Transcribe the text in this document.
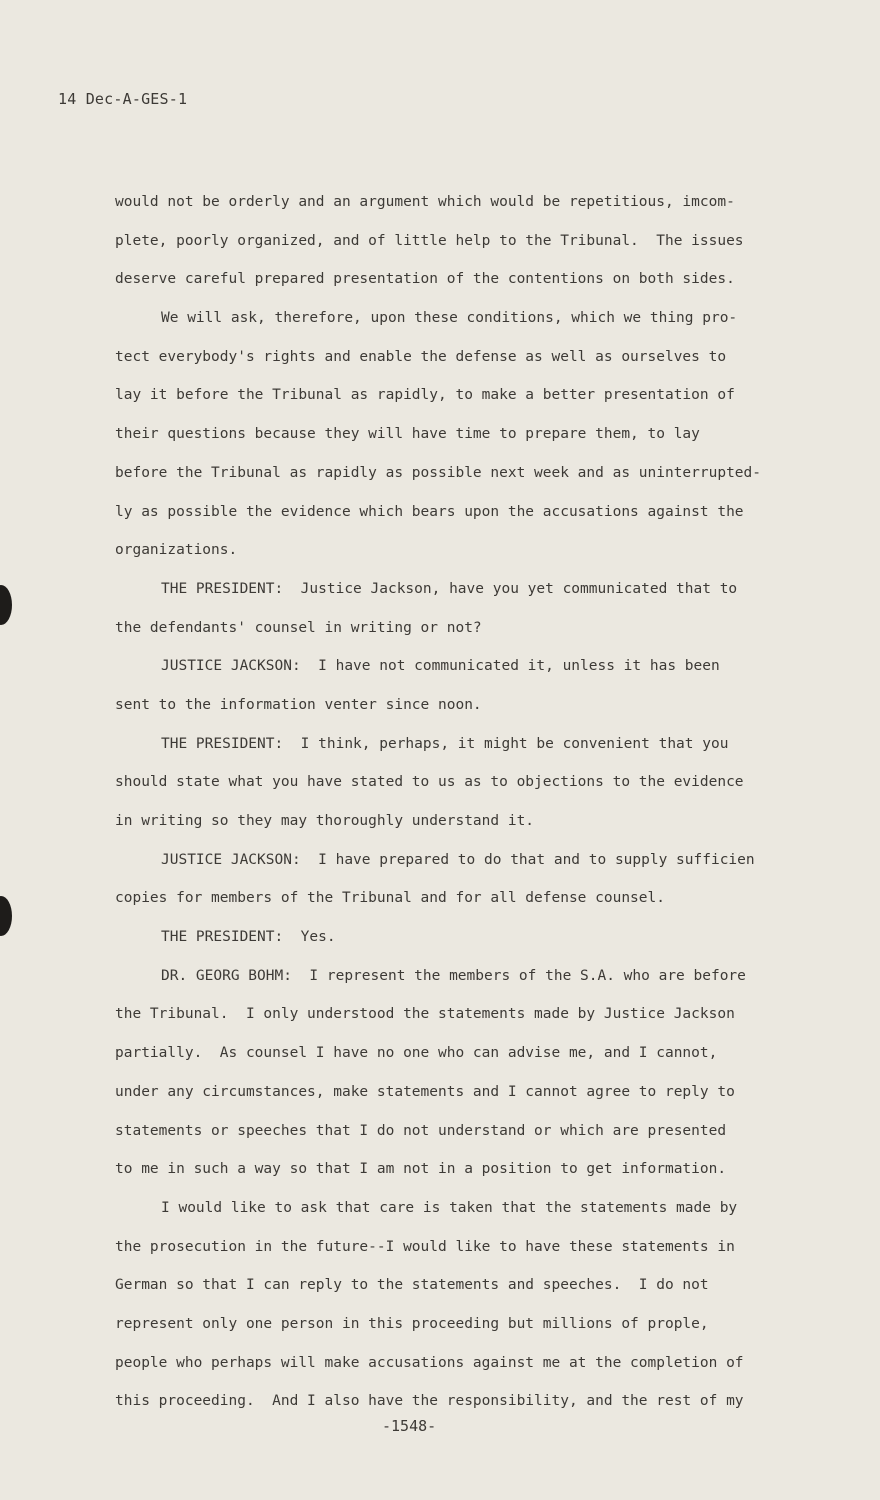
14 Dec-A-GES-1
would not be orderly and an argument which would be repetitious, imcom-
plete, poorly organized, and of little help to the Tribunal.  The issues
deserve careful prepared presentation of the contentions on both sides.
We will ask, therefore, upon these conditions, which we thing pro-
tect everybody's rights and enable the defense as well as ourselves to
lay it before the Tribunal as rapidly, to make a better presentation of
their questions because they will have time to prepare them, to lay
before the Tribunal as rapidly as possible next week and as uninterrupted-
ly as possible the evidence which bears upon the accusations against the
organizations.
THE PRESIDENT:  Justice Jackson, have you yet communicated that to
the defendants' counsel in writing or not?
JUSTICE JACKSON:  I have not communicated it, unless it has been
sent to the information venter since noon.
THE PRESIDENT:  I think, perhaps, it might be convenient that you
should state what you have stated to us as to objections to the evidence
in writing so they may thoroughly understand it.
JUSTICE JACKSON:  I have prepared to do that and to supply sufficien
copies for members of the Tribunal and for all defense counsel.
THE PRESIDENT:  Yes.
DR. GEORG BOHM:  I represent the members of the S.A. who are before
the Tribunal.  I only understood the statements made by Justice Jackson
partially.  As counsel I have no one who can advise me, and I cannot,
under any circumstances, make statements and I cannot agree to reply to
statements or speeches that I do not understand or which are presented
to me in such a way so that I am not in a position to get information.
I would like to ask that care is taken that the statements made by
the prosecution in the future--I would like to have these statements in
German so that I can reply to the statements and speeches.  I do not
represent only one person in this proceeding but millions of prople,
people who perhaps will make accusations against me at the completion of
this proceeding.  And I also have the responsibility, and the rest of my
-1548-
